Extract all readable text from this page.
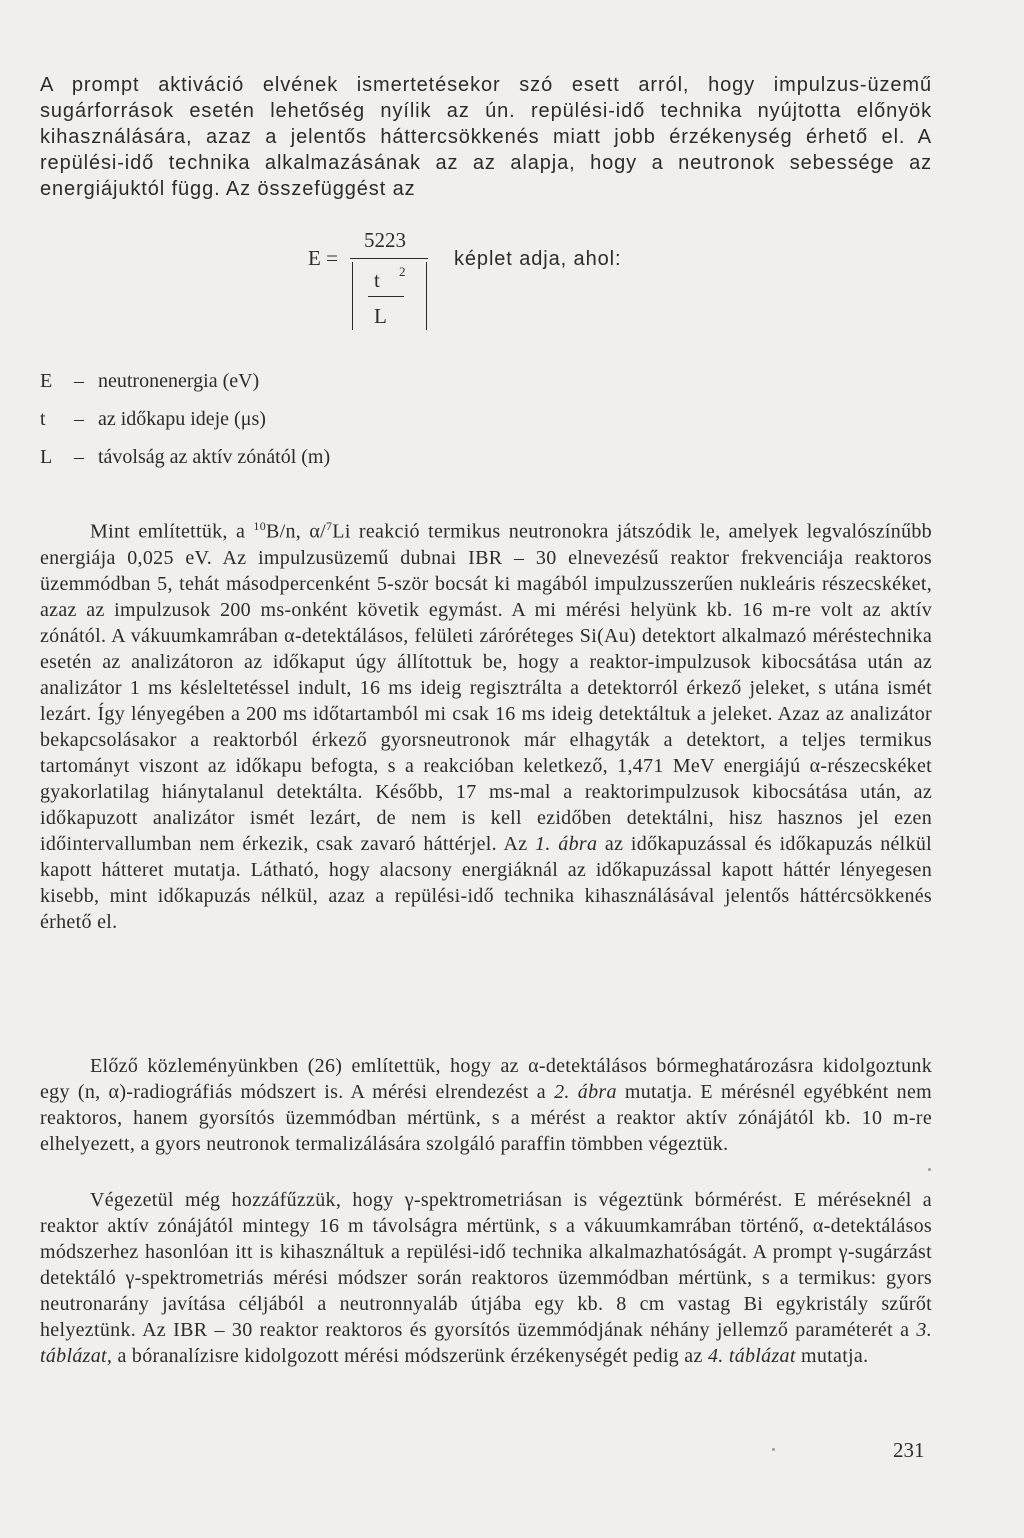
A prompt aktiváció elvének ismertetésekor szó esett arról, hogy impulzus-üzemű sugárforrások esetén lehetőség nyílik az ún. repülési-idő technika nyújtotta előnyök kihasználására, azaz a jelentős háttercsökkenés miatt jobb érzékenység érhető el. A repülési-idő technika alkalmazásának az az alapja, hogy a neutronok sebessége az energiájuktól függ. Az összefüggést az

E =
5223
t 2
L
képlet adja, ahol:
E – neutronenergia (eV)
t – az időkapu ideje (μs)
L – távolság az aktív zónától (m)

Mint említettük, a $^{10}$B/n, α/$^7$Li reakció termikus neutronokra játszódik le, amelyek legvalószínűbb energiája 0,025 eV. Az impulzusüzemű dubnai IBR – 30 elnevezésű reaktor frekvenciája reaktoros üzemmódban 5, tehát másodpercenként 5-ször bocsát ki magából impulzusszerűen nukleáris részecskéket, azaz az impulzusok 200 ms-onként követik egymást. A mi mérési helyünk kb. 16 m-re volt az aktív zónától. A vákuumkamrában α-detektálásos, felületi záróréteges Si(Au) detektort alkalmazó méréstechnika esetén az analizátoron az időkaput úgy állítottuk be, hogy a reaktor-impulzusok kibocsátása után az analizátor 1 ms késleltetéssel indult, 16 ms ideig regisztrálta a detektorról érkező jeleket, s utána ismét lezárt. Így lényegében a 200 ms időtartamból mi csak 16 ms ideig detektáltuk a jeleket. Azaz az analizátor bekapcsolásakor a reaktorból érkező gyorsneutronok már elhagyták a detektort, a teljes termikus tartományt viszont az időkapu befogta, s a reakcióban keletkező, 1,471 MeV energiájú α-részecskéket gyakorlatilag hiánytalanul detektálta. Később, 17 ms-mal a reaktorimpulzusok kibocsátása után, az időkapuzott analizátor ismét lezárt, de nem is kell ezidőben detektálni, hisz hasznos jel ezen időintervallumban nem érkezik, csak zavaró háttérjel. Az 1. ábra az időkapuzással és időkapuzás nélkül kapott hátteret mutatja. Látható, hogy alacsony energiáknál az időkapuzással kapott háttér lényegesen kisebb, mint időkapuzás nélkül, azaz a repülési-idő technika kihasználásával jelentős háttércsökkenés érhető el.

Előző közleményünkben (26) említettük, hogy az α-detektálásos bórmeghatározásra kidolgoztunk egy (n, α)-radiográfiás módszert is. A mérési elrendezést a 2. ábra mutatja. E mérésnél egyébként nem reaktoros, hanem gyorsítós üzemmódban mértünk, s a mérést a reaktor aktív zónájától kb. 10 m-re elhelyezett, a gyors neutronok termalizálására szolgáló paraffin tömbben végeztük.

Végezetül még hozzáfűzzük, hogy γ-spektrometriásan is végeztünk bórmérést. E méréseknél a reaktor aktív zónájától mintegy 16 m távolságra mértünk, s a vákuumkamrában történő, α-detektálásos módszerhez hasonlóan itt is kihasználtuk a repülési-idő technika alkalmazhatóságát. A prompt γ-sugárzást detektáló γ-spektrometriás mérési módszer során reaktoros üzemmódban mértünk, s a termikus: gyors neutronarány javítása céljából a neutronnyaláb útjába egy kb. 8 cm vastag Bi egykristály szűrőt helyeztünk. Az IBR – 30 reaktor reaktoros és gyorsítós üzemmódjának néhány jellemző paraméterét a 3. táblázat, a bóranalízisre kidolgozott mérési módszerünk érzékenységét pedig az 4. táblázat mutatja.

231
